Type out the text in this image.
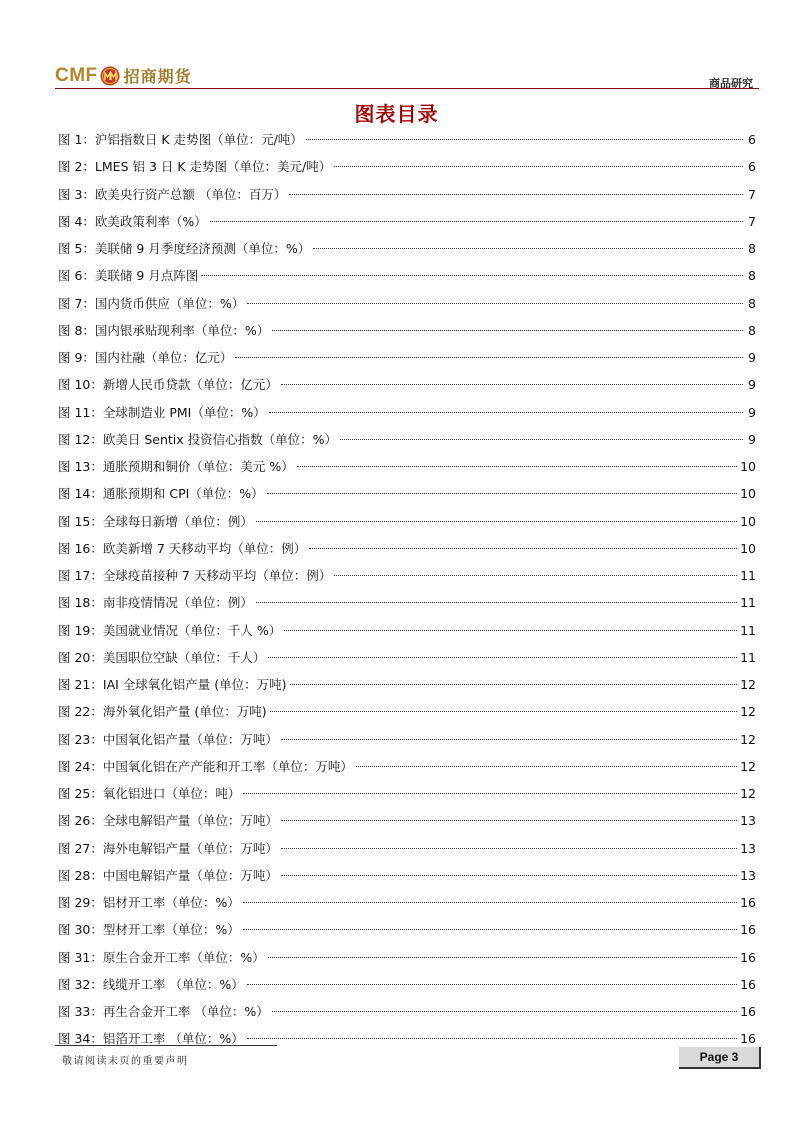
CMF 招商期货	商品研究
图表目录
图 1：沪铝指数日 K 走势图（单位：元/吨）	6
图 2：LMES 铝 3 日 K 走势图（单位：美元/吨）	6
图 3：欧美央行资产总额 （单位：百万）	7
图 4：欧美政策利率（%）	7
图 5：美联储 9 月季度经济预测（单位：%）	8
图 6：美联储 9 月点阵图	8
图 7：国内货币供应（单位：%）	8
图 8：国内银承贴现利率（单位：%）	8
图 9：国内社融（单位：亿元）	9
图 10：新增人民币贷款（单位：亿元）	9
图 11：全球制造业 PMI（单位：%）	9
图 12：欧美日 Sentix 投资信心指数（单位：%）	9
图 13：通胀预期和铜价（单位：美元 %）	10
图 14：通胀预期和 CPI（单位：%）	10
图 15：全球每日新增（单位：例）	10
图 16：欧美新增 7 天移动平均（单位：例）	10
图 17：全球疫苗接种 7 天移动平均（单位：例）	11
图 18：南非疫情情况（单位：例）	11
图 19：美国就业情况（单位：千人 %）	11
图 20：美国职位空缺（单位：千人）	11
图 21：IAI 全球氧化铝产量 (单位：万吨)	12
图 22：海外氧化铝产量 (单位：万吨)	12
图 23：中国氧化铝产量（单位：万吨）	12
图 24：中国氧化铝在产产能和开工率（单位：万吨）	12
图 25：氧化铝进口（单位：吨）	12
图 26：全球电解铝产量（单位：万吨）	13
图 27：海外电解铝产量（单位：万吨）	13
图 28：中国电解铝产量（单位：万吨）	13
图 29：铝材开工率（单位：%）	16
图 30：型材开工率（单位：%）	16
图 31：原生合金开工率（单位：%）	16
图 32：线缆开工率 （单位：%）	16
图 33：再生合金开工率 （单位：%）	16
图 34：铝箔开工率 （单位：%）	16
敬请阅读末页的重要声明	Page 3
